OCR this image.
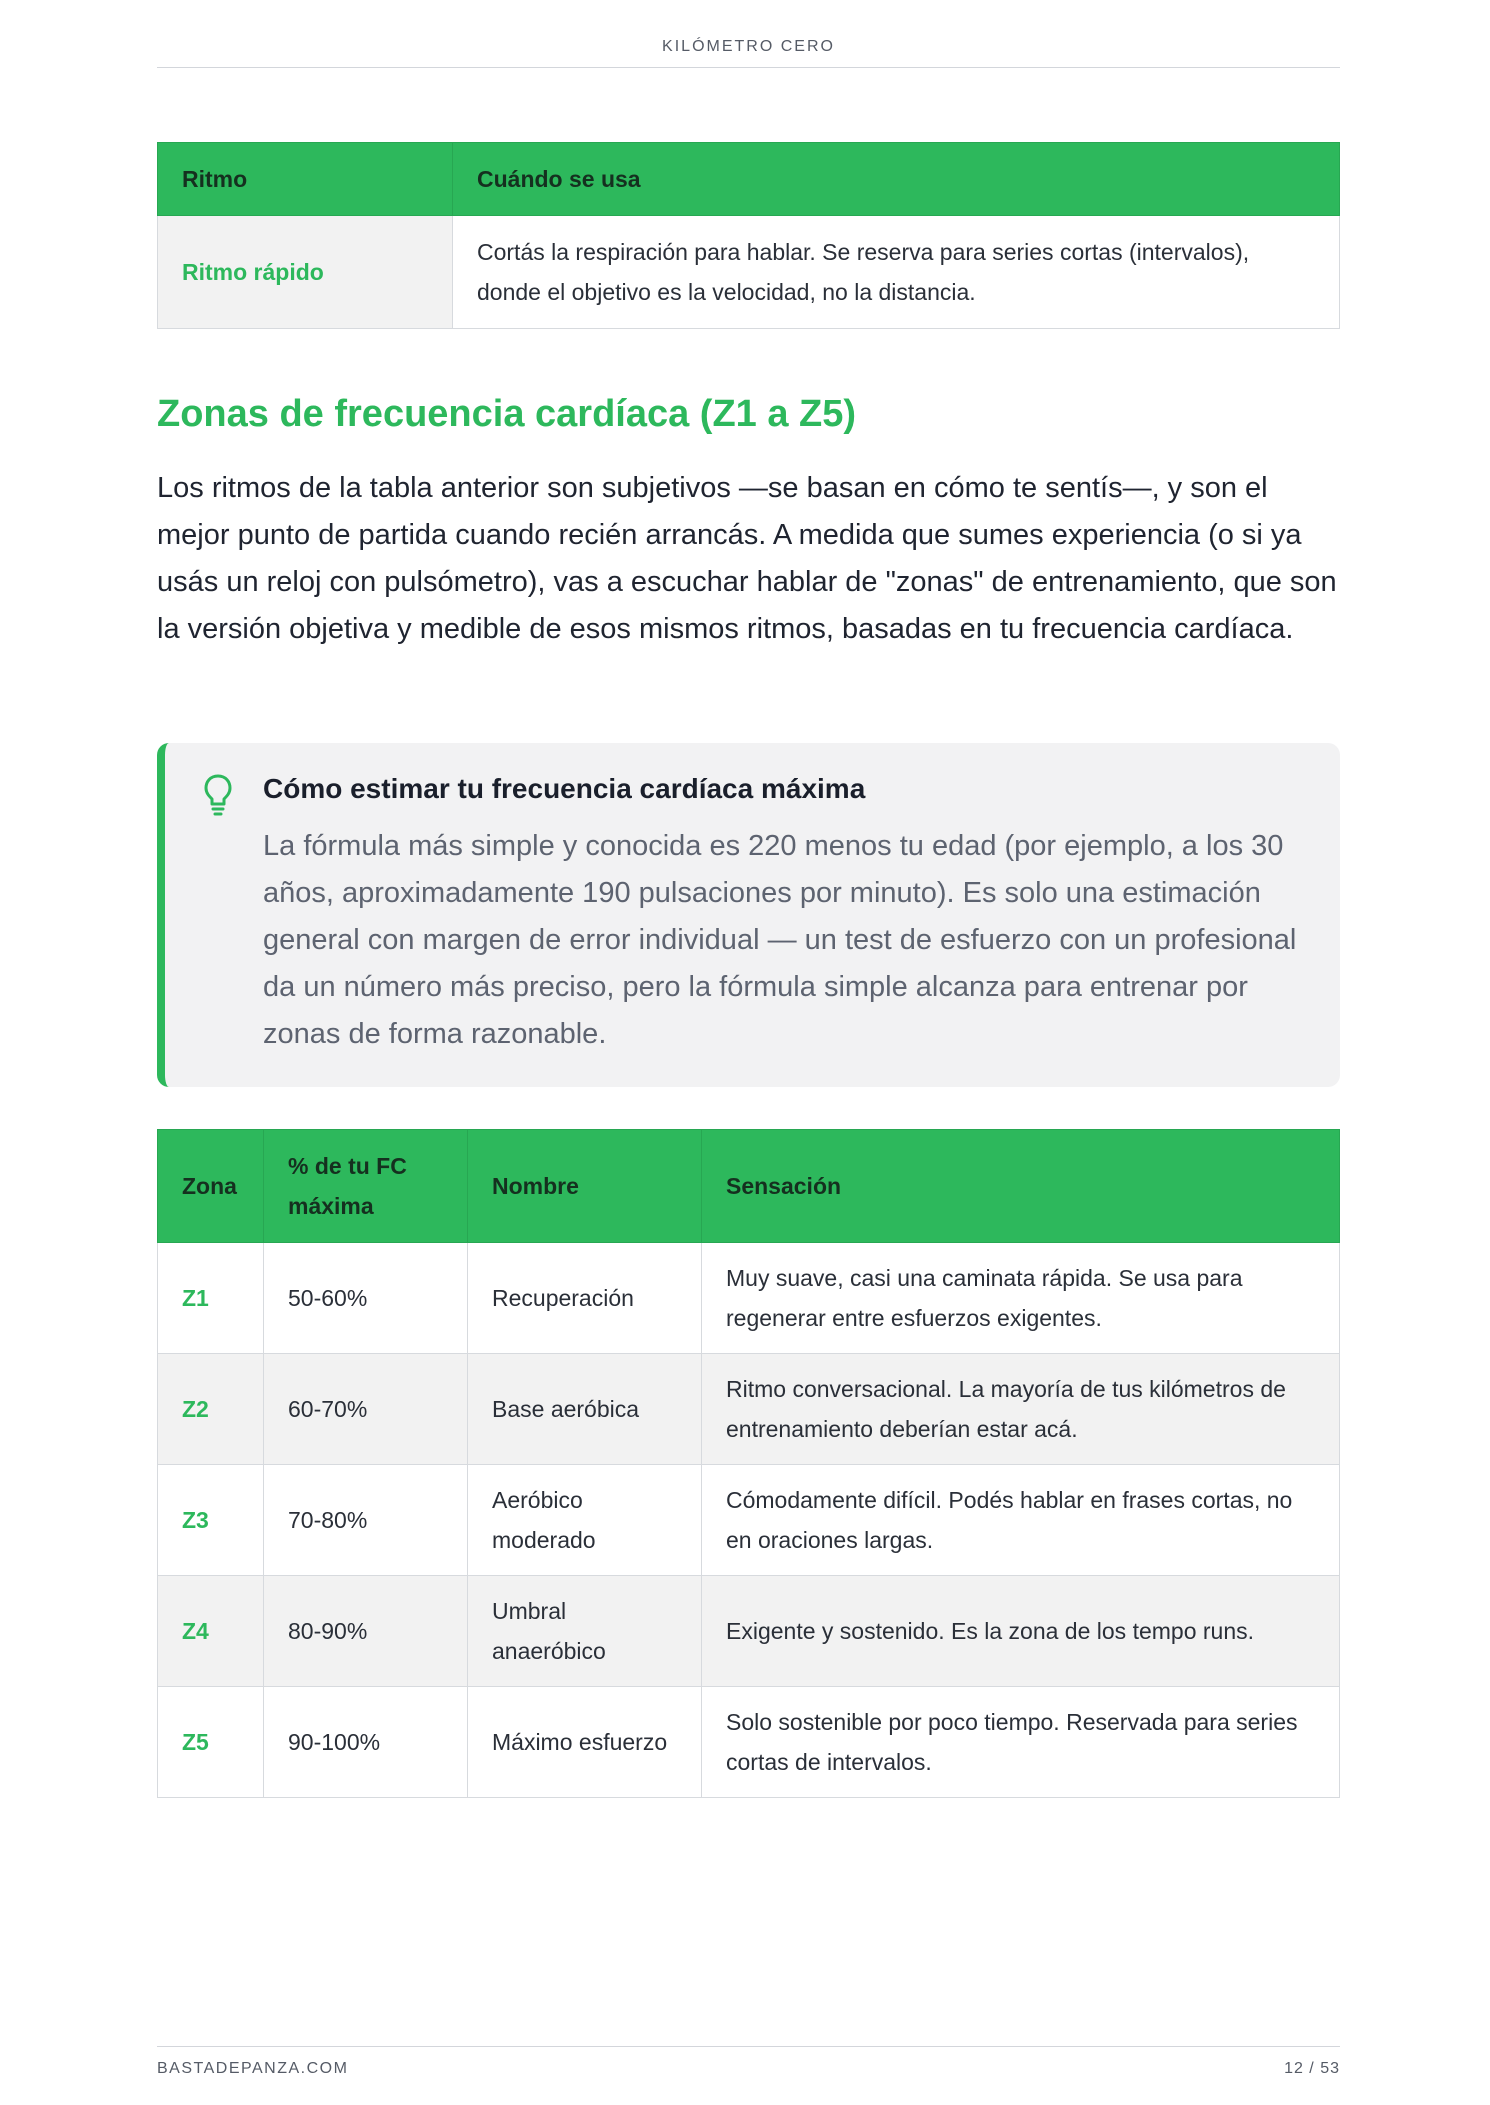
KILÓMETRO CERO
Ritmo	Cuándo se usa
Ritmo rápido	Cortás la respiración para hablar. Se reserva para series cortas (intervalos), donde el objetivo es la velocidad, no la distancia.
Zonas de frecuencia cardíaca (Z1 a Z5)

Los ritmos de la tabla anterior son subjetivos —se basan en cómo te sentís—, y son el mejor punto de partida cuando recién arrancás. A medida que sumes experiencia (o si ya usás un reloj con pulsómetro), vas a escuchar hablar de "zonas" de entrenamiento, que son la versión objetiva y medible de esos mismos ritmos, basadas en tu frecuencia cardíaca.

Cómo estimar tu frecuencia cardíaca máxima

La fórmula más simple y conocida es 220 menos tu edad (por ejemplo, a los 30 años, aproximadamente 190 pulsaciones por minuto). Es solo una estimación general con margen de error individual — un test de esfuerzo con un profesional da un número más preciso, pero la fórmula simple alcanza para entrenar por zonas de forma razonable.

Zona	% de tu FC máxima	Nombre	Sensación
Z1	50-60%	Recuperación	Muy suave, casi una caminata rápida. Se usa para regenerar entre esfuerzos exigentes.
Z2	60-70%	Base aeróbica	Ritmo conversacional. La mayoría de tus kilómetros de entrenamiento deberían estar acá.
Z3	70-80%	Aeróbico moderado	Cómodamente difícil. Podés hablar en frases cortas, no en oraciones largas.
Z4	80-90%	Umbral anaeróbico	Exigente y sostenido. Es la zona de los tempo runs.
Z5	90-100%	Máximo esfuerzo	Solo sostenible por poco tiempo. Reservada para series cortas de intervalos.
BASTADEPANZA.COM	12 / 53
